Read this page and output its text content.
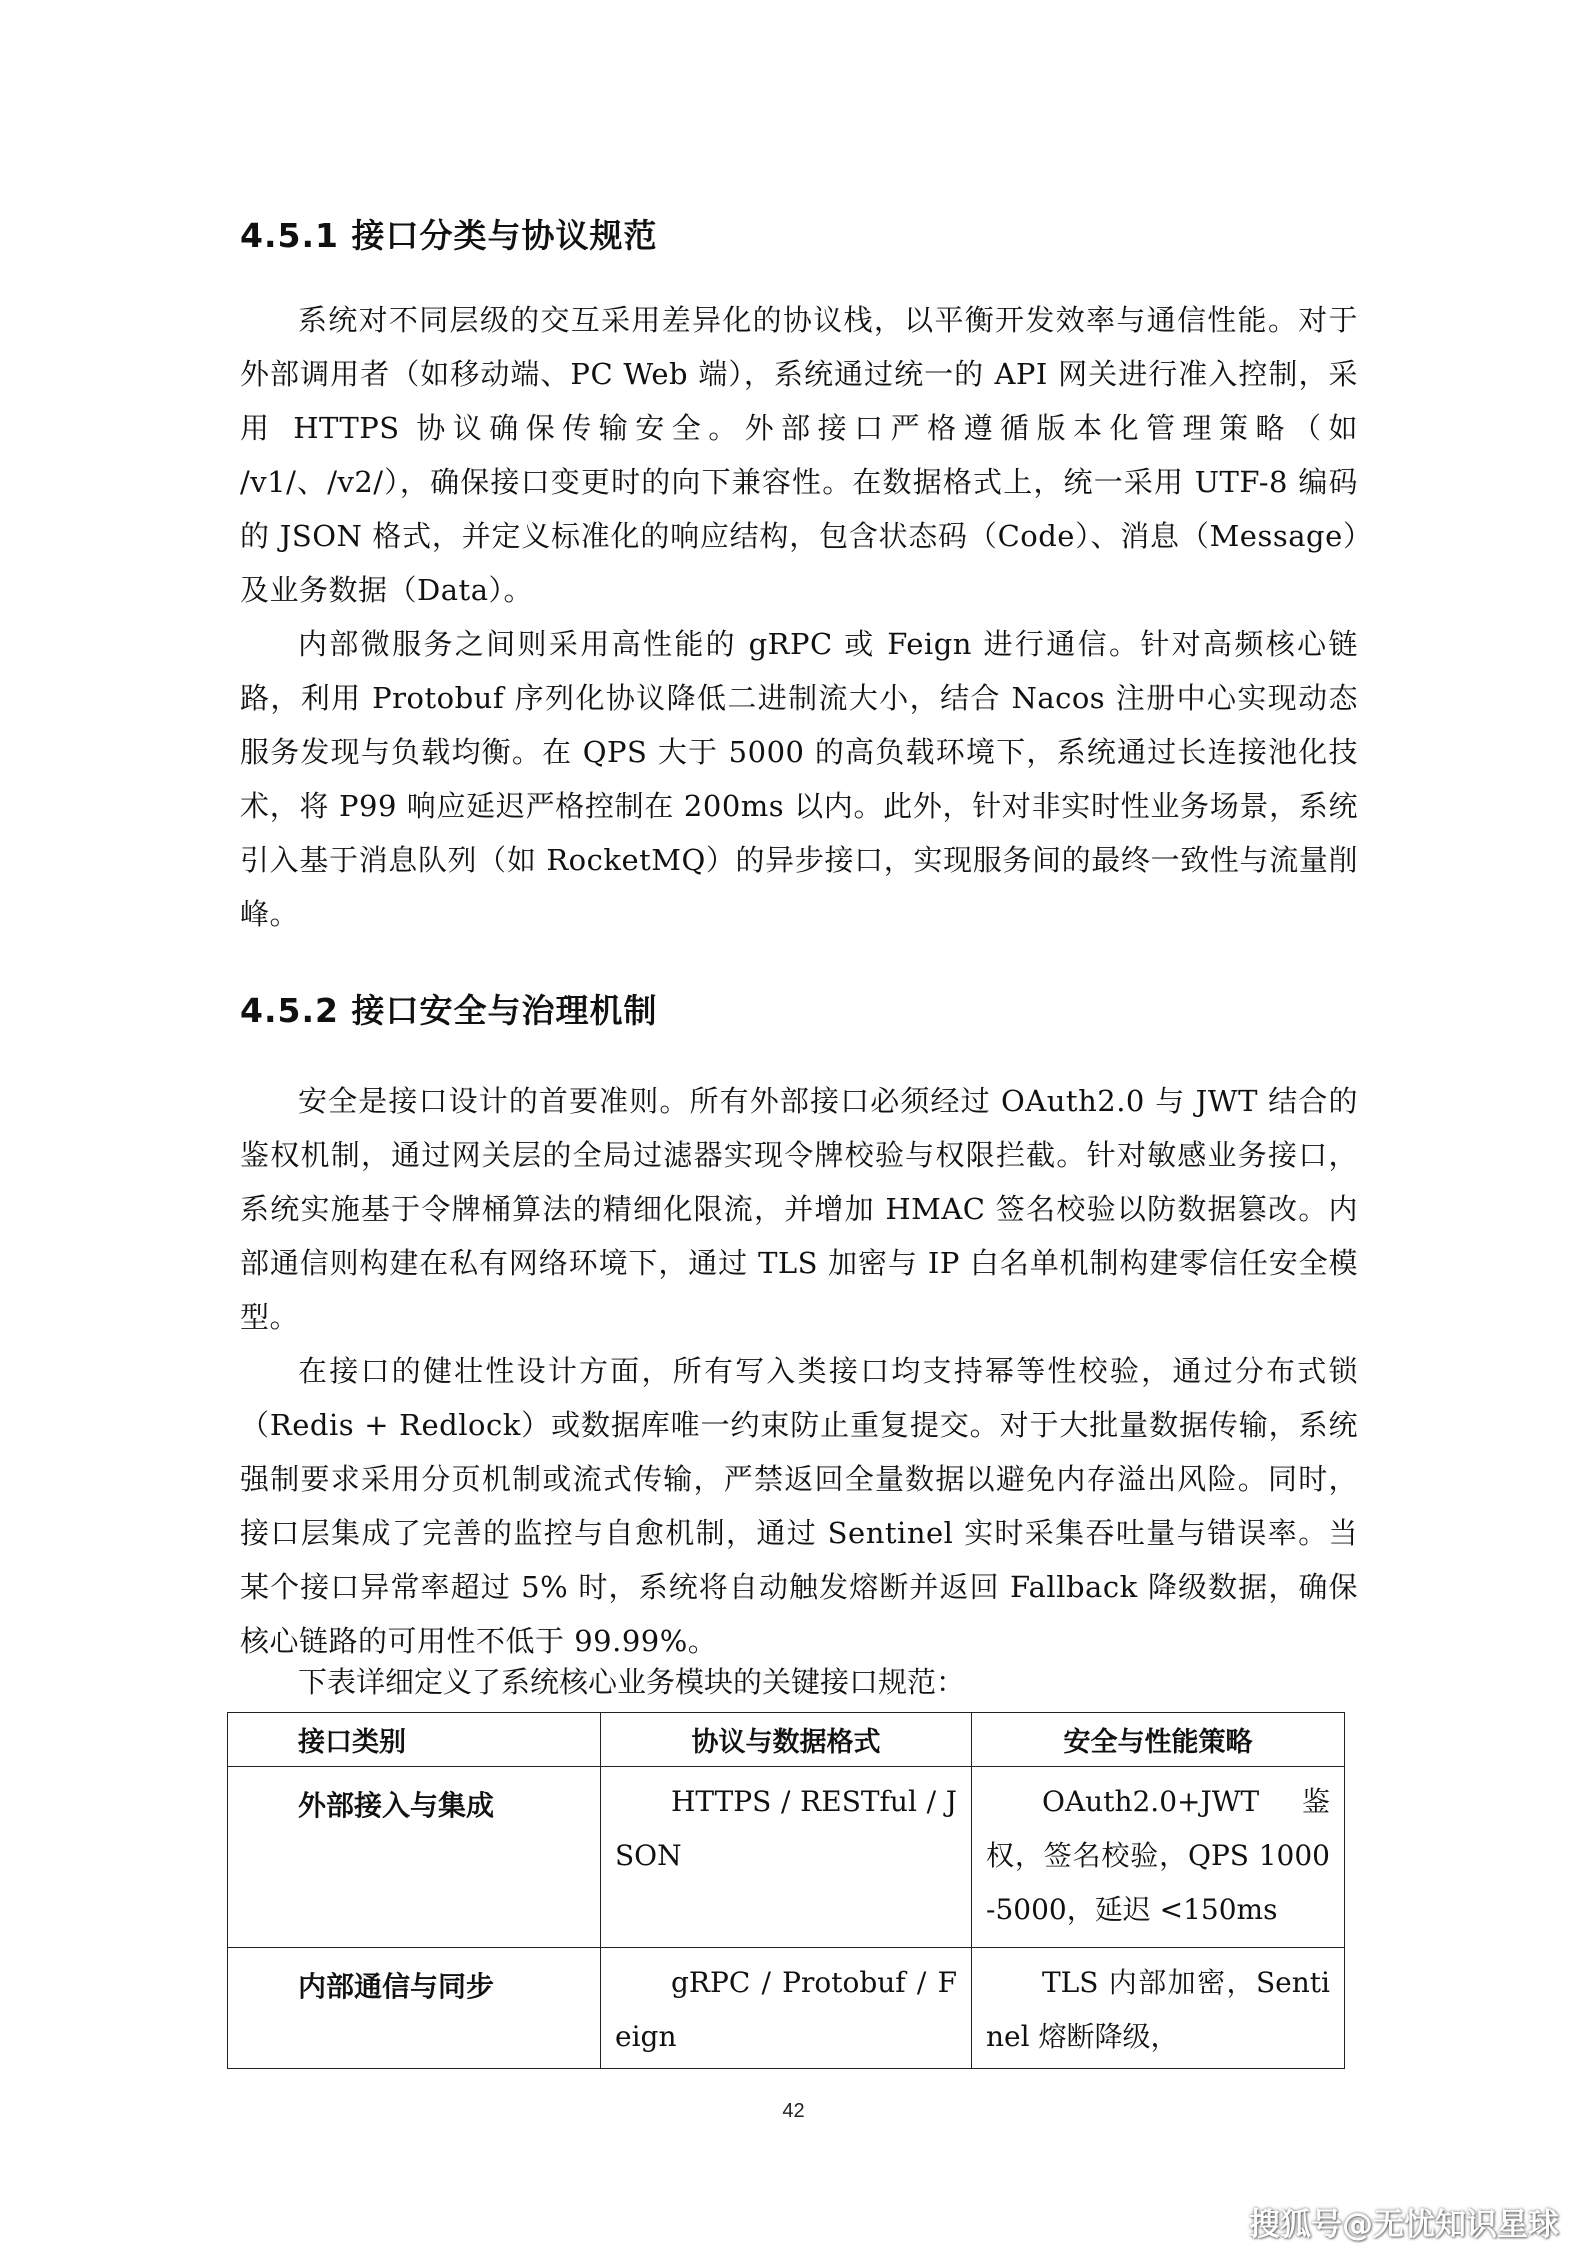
4.5.1 接口分类与协议规范

系统对不同层级的交互采用差异化的协议栈，以平衡开发效率与通信性能。对于外部调用者（如移动端、PC Web 端），系统通过统一的 API 网关进行准入控制，采用 HTTPS 协议确保传输安全。外部接口严格遵循版本化管理策略（如 /v1/、/v2/），确保接口变更时的向下兼容性。在数据格式上，统一采用 UTF-8 编码的 JSON 格式，并定义标准化的响应结构，包含状态码（Code）、消息（Message）及业务数据（Data）。

内部微服务之间则采用高性能的 gRPC 或 Feign 进行通信。针对高频核心链路，利用 Protobuf 序列化协议降低二进制流大小，结合 Nacos 注册中心实现动态服务发现与负载均衡。在 QPS 大于 5000 的高负载环境下，系统通过长连接池化技术，将 P99 响应延迟严格控制在 200ms 以内。此外，针对非实时性业务场景，系统引入基于消息队列（如 RocketMQ）的异步接口，实现服务间的最终一致性与流量削峰。

4.5.2 接口安全与治理机制

安全是接口设计的首要准则。所有外部接口必须经过 OAuth2.0 与 JWT 结合的鉴权机制，通过网关层的全局过滤器实现令牌校验与权限拦截。针对敏感业务接口，系统实施基于令牌桶算法的精细化限流，并增加 HMAC 签名校验以防数据篡改。内部通信则构建在私有网络环境下，通过 TLS 加密与 IP 白名单机制构建零信任安全模型。

在接口的健壮性设计方面，所有写入类接口均支持幂等性校验，通过分布式锁（Redis + Redlock）或数据库唯一约束防止重复提交。对于大批量数据传输，系统强制要求采用分页机制或流式传输，严禁返回全量数据以避免内存溢出风险。同时，接口层集成了完善的监控与自愈机制，通过 Sentinel 实时采集吞吐量与错误率。当某个接口异常率超过 5% 时，系统将自动触发熔断并返回 Fallback 降级数据，确保核心链路的可用性不低于 99.99%。

下表详细定义了系统核心业务模块的关键接口规范：

接口类别	协议与数据格式	安全与性能策略
外部接入与集成	HTTPS / RESTful / JSON	OAuth2.0+JWT 鉴权，签名校验，QPS 1000-5000，延迟 <150ms
内部通信与同步	gRPC / Protobuf / Feign	TLS 内部加密，Sentinel 熔断降级，

42

搜狐号@无忧知识星球
